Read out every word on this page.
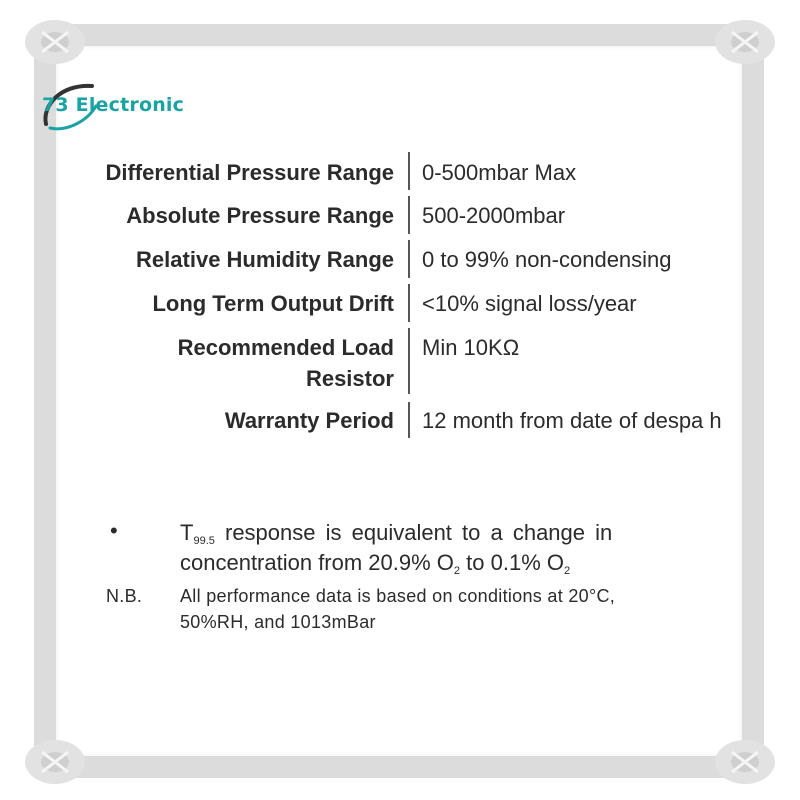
73 Electronic
Differential Pressure Range 0-500mbar Max
Absolute Pressure Range 500-2000mbar
Relative Humidity Range 0 to 99% non-condensing
Long Term Output Drift <10% signal loss/year
Recommended Load
Resistor
Min 10KΩ
Warranty Period 12 month from date of despa h
•	$T_{99.5}$ response is equivalent to a change in
concentration from 20.9% $O_2$ to 0.1% $O_2$
N.B. All performance data is based on conditions at 20°C,
50%RH, and 1013mBar
